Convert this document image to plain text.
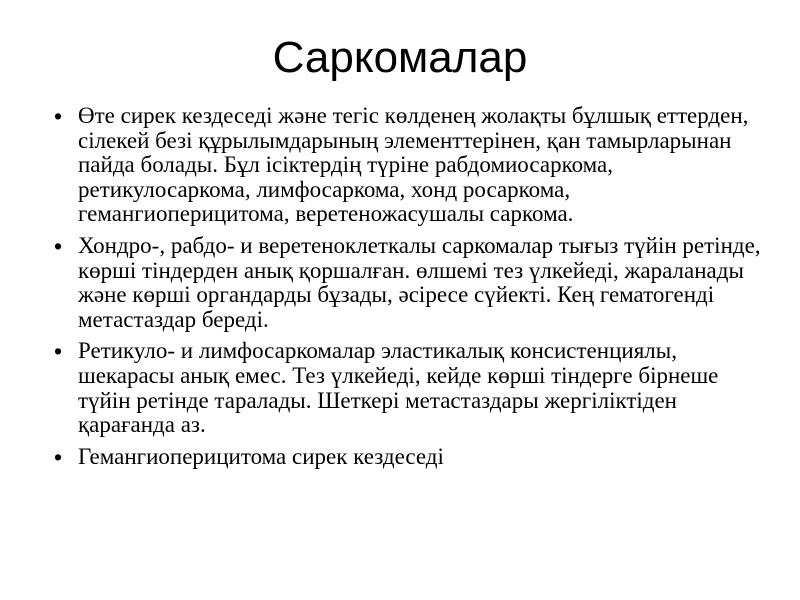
Саркомалар
• Өте сирек кездеседі және тегіс көлденең жолақты бұлшық еттерден, сілекей безі құрылымдарының элементтерінен, қан тамырларынан пайда болады. Бұл ісіктердің түріне рабдомиосаркома, ретикулосаркома, лимфосаркома, хонд росаркома, гемангиоперицитома, веретеножасушалы саркома.
• Хондро-, рабдо- и веретеноклеткалы саркомалар тығыз түйін ретінде, көрші тіндерден анық қоршалған. өлшемі тез үлкейеді, жараланады және көрші органдарды бұзады, әсіресе сүйекті. Кең гематогенді метастаздар береді.
• Ретикуло- и лимфосаркомалар эластикалық консистенциялы, шекарасы анық емес. Тез үлкейеді, кейде көрші тіндерге бірнеше түйін ретінде таралады. Шеткері метастаздары жергіліктіден қарағанда аз.
• Гемангиоперицитома сирек кездеседі
